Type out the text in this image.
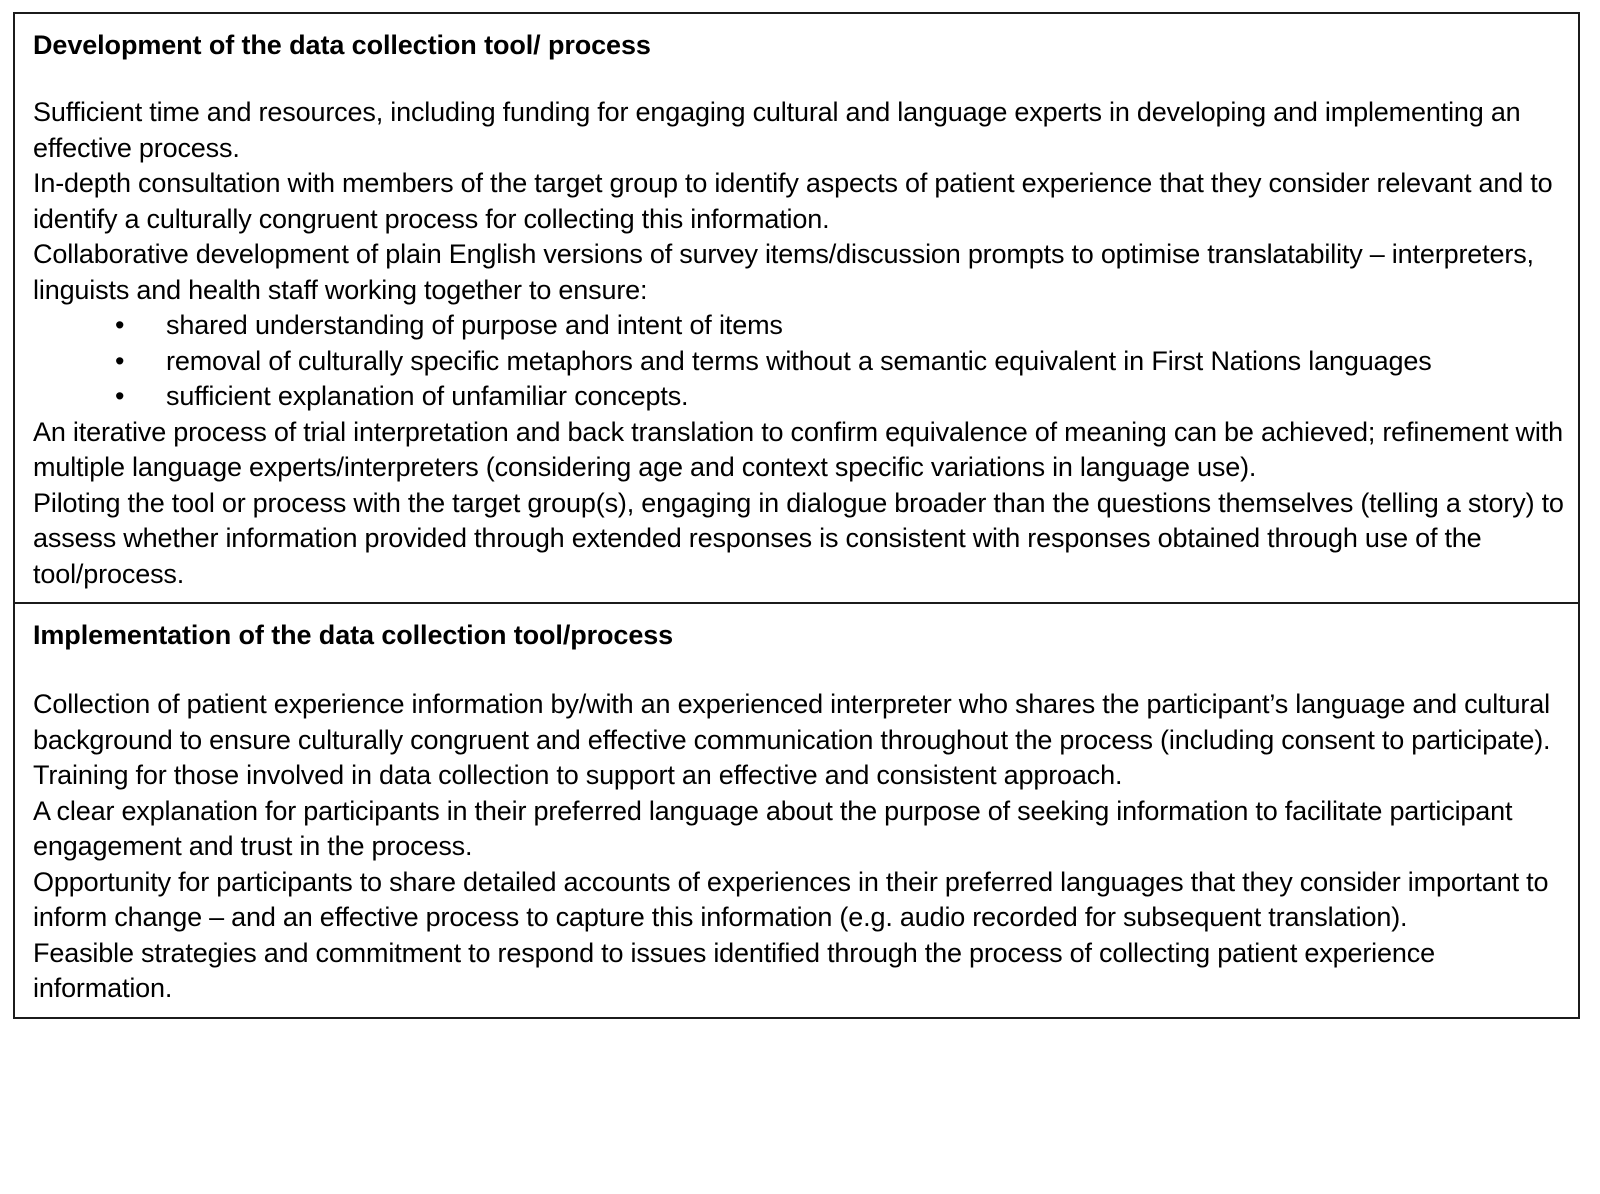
Development of the data collection tool/ process

Sufficient time and resources, including funding for engaging cultural and language experts in developing and implementing an effective process.

In-depth consultation with members of the target group to identify aspects of patient experience that they consider relevant and to identify a culturally congruent process for collecting this information.

Collaborative development of plain English versions of survey items/discussion prompts to optimise translatability – interpreters, linguists and health staff working together to ensure:

• shared understanding of purpose and intent of items
• removal of culturally specific metaphors and terms without a semantic equivalent in First Nations languages
• sufficient explanation of unfamiliar concepts.

An iterative process of trial interpretation and back translation to confirm equivalence of meaning can be achieved; refinement with multiple language experts/interpreters (considering age and context specific variations in language use).

Piloting the tool or process with the target group(s), engaging in dialogue broader than the questions themselves (telling a story) to assess whether information provided through extended responses is consistent with responses obtained through use of the tool/process.

Implementation of the data collection tool/process

Collection of patient experience information by/with an experienced interpreter who shares the participant’s language and cultural background to ensure culturally congruent and effective communication throughout the process (including consent to participate).

Training for those involved in data collection to support an effective and consistent approach.

A clear explanation for participants in their preferred language about the purpose of seeking information to facilitate participant engagement and trust in the process.

Opportunity for participants to share detailed accounts of experiences in their preferred languages that they consider important to inform change – and an effective process to capture this information (e.g. audio recorded for subsequent translation).

Feasible strategies and commitment to respond to issues identified through the process of collecting patient experience information.
